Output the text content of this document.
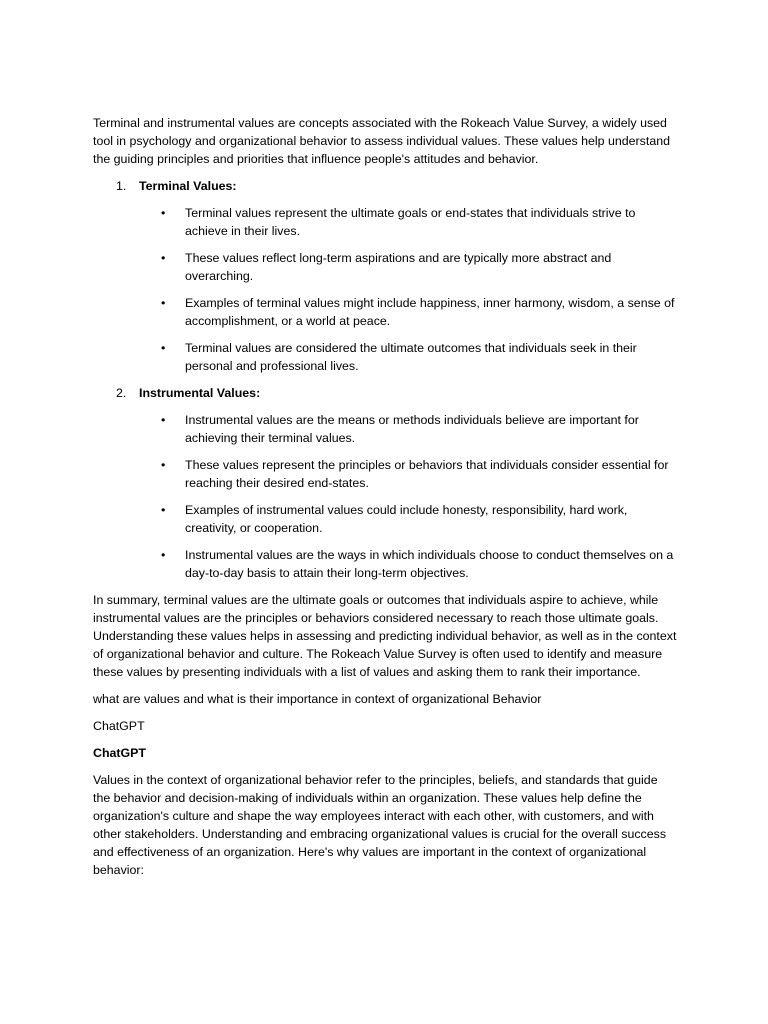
Terminal and instrumental values are concepts associated with the Rokeach Value Survey, a widely used tool in psychology and organizational behavior to assess individual values. These values help understand the guiding principles and priorities that influence people's attitudes and behavior.

1. Terminal Values:
• Terminal values represent the ultimate goals or end-states that individuals strive to achieve in their lives.
• These values reflect long-term aspirations and are typically more abstract and overarching.
• Examples of terminal values might include happiness, inner harmony, wisdom, a sense of accomplishment, or a world at peace.
• Terminal values are considered the ultimate outcomes that individuals seek in their personal and professional lives.
2. Instrumental Values:
• Instrumental values are the means or methods individuals believe are important for achieving their terminal values.
• These values represent the principles or behaviors that individuals consider essential for reaching their desired end-states.
• Examples of instrumental values could include honesty, responsibility, hard work, creativity, or cooperation.
• Instrumental values are the ways in which individuals choose to conduct themselves on a day-to-day basis to attain their long-term objectives.

In summary, terminal values are the ultimate goals or outcomes that individuals aspire to achieve, while instrumental values are the principles or behaviors considered necessary to reach those ultimate goals. Understanding these values helps in assessing and predicting individual behavior, as well as in the context of organizational behavior and culture. The Rokeach Value Survey is often used to identify and measure these values by presenting individuals with a list of values and asking them to rank their importance.

what are values and what is their importance in context of organizational Behavior

ChatGPT

ChatGPT

Values in the context of organizational behavior refer to the principles, beliefs, and standards that guide the behavior and decision-making of individuals within an organization. These values help define the organization's culture and shape the way employees interact with each other, with customers, and with other stakeholders. Understanding and embracing organizational values is crucial for the overall success and effectiveness of an organization. Here's why values are important in the context of organizational behavior:
